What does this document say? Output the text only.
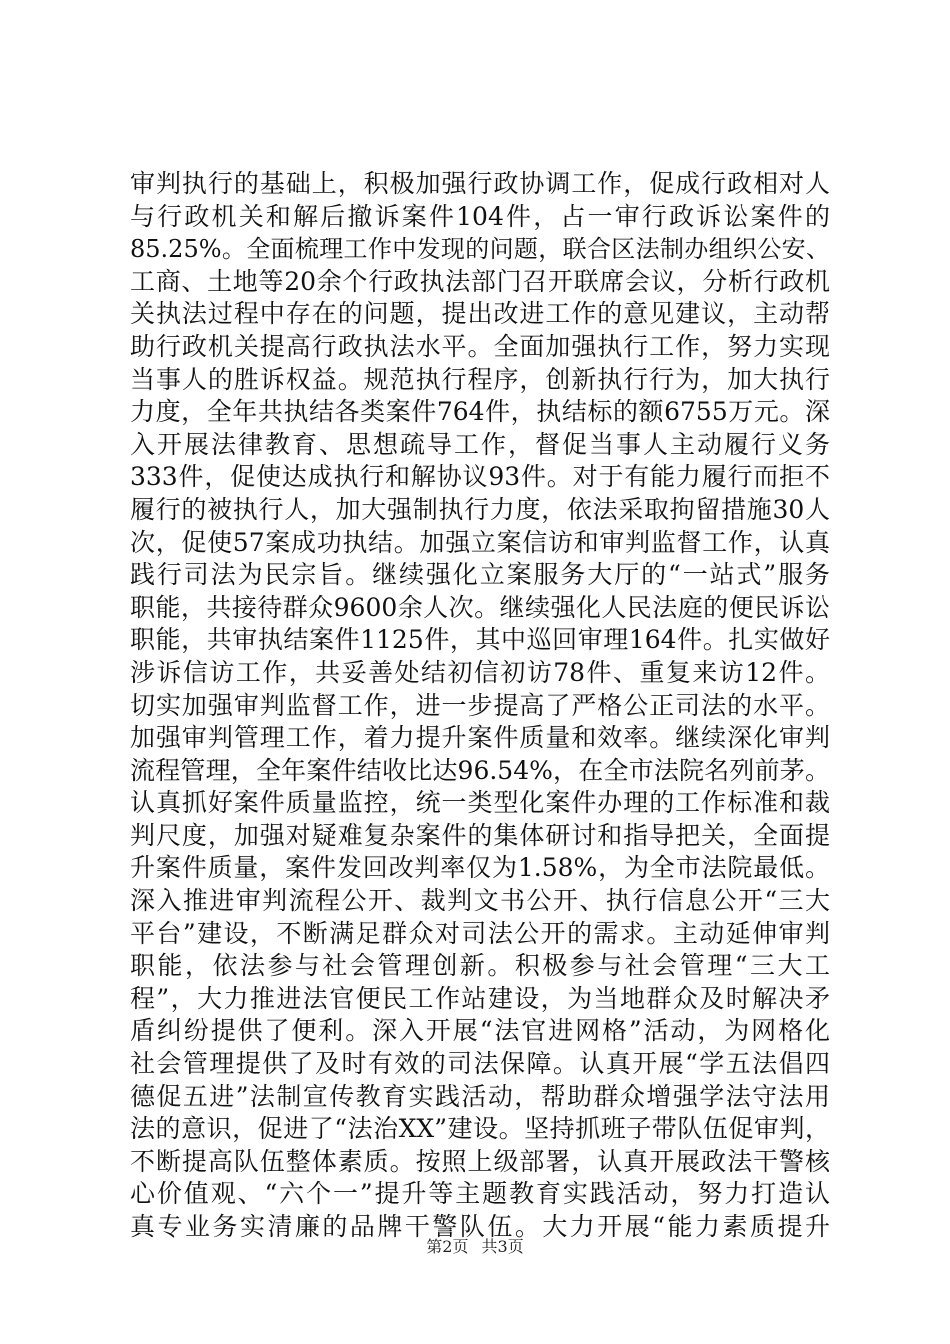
审判执行的基础上，积极加强行政协调工作，促成行政相对人
与行政机关和解后撤诉案件104件，占一审行政诉讼案件的
85.25%。全面梳理工作中发现的问题，联合区法制办组织公安、
工商、土地等20余个行政执法部门召开联席会议，分析行政机
关执法过程中存在的问题，提出改进工作的意见建议，主动帮
助行政机关提高行政执法水平。全面加强执行工作，努力实现
当事人的胜诉权益。规范执行程序，创新执行行为，加大执行
力度，全年共执结各类案件764件，执结标的额6755万元。深
入开展法律教育、思想疏导工作，督促当事人主动履行义务
333件，促使达成执行和解协议93件。对于有能力履行而拒不
履行的被执行人，加大强制执行力度，依法采取拘留措施30人
次，促使57案成功执结。加强立案信访和审判监督工作，认真
践行司法为民宗旨。继续强化立案服务大厅的“一站式”服务
职能，共接待群众9600余人次。继续强化人民法庭的便民诉讼
职能，共审执结案件1125件，其中巡回审理164件。扎实做好
涉诉信访工作，共妥善处结初信初访78件、重复来访12件。
切实加强审判监督工作，进一步提高了严格公正司法的水平。
加强审判管理工作，着力提升案件质量和效率。继续深化审判
流程管理，全年案件结收比达96.54%，在全市法院名列前茅。
认真抓好案件质量监控，统一类型化案件办理的工作标准和裁
判尺度，加强对疑难复杂案件的集体研讨和指导把关，全面提
升案件质量，案件发回改判率仅为1.58%，为全市法院最低。
深入推进审判流程公开、裁判文书公开、执行信息公开“三大
平台”建设，不断满足群众对司法公开的需求。主动延伸审判
职能，依法参与社会管理创新。积极参与社会管理“三大工
程”，大力推进法官便民工作站建设，为当地群众及时解决矛
盾纠纷提供了便利。深入开展“法官进网格”活动，为网格化
社会管理提供了及时有效的司法保障。认真开展“学五法倡四
德促五进”法制宣传教育实践活动，帮助群众增强学法守法用
法的意识，促进了“法治XX”建设。坚持抓班子带队伍促审判，
不断提高队伍整体素质。按照上级部署，认真开展政法干警核
心价值观、“六个一”提升等主题教育实践活动，努力打造认
真专业务实清廉的品牌干警队伍。大力开展“能力素质提升
第2页 共3页
